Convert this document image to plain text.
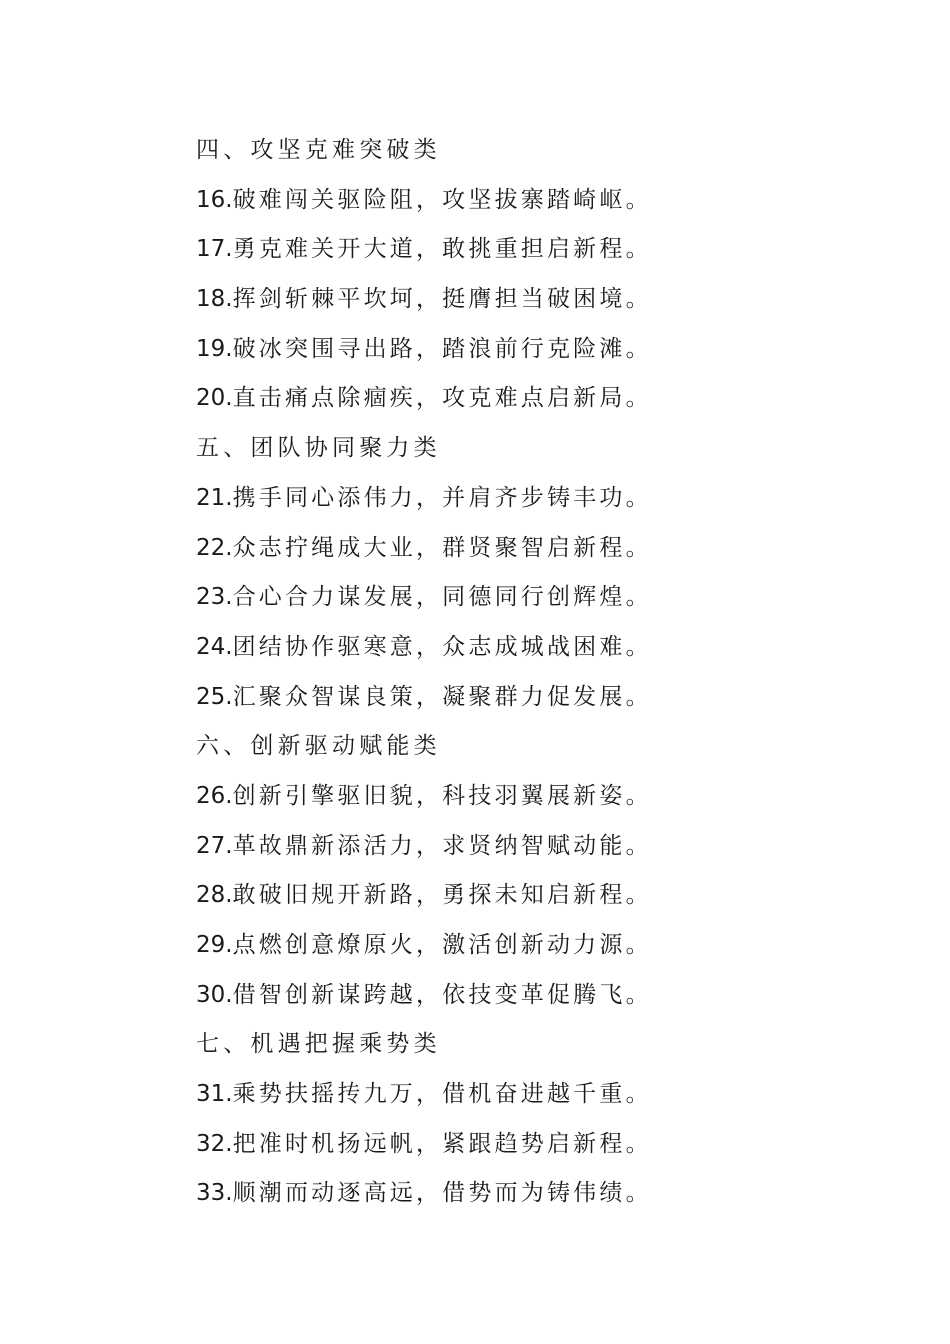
四、攻坚克难突破类
16.破难闯关驱险阻，攻坚拔寨踏崎岖。
17.勇克难关开大道，敢挑重担启新程。
18.挥剑斩棘平坎坷，挺膺担当破困境。
19.破冰突围寻出路，踏浪前行克险滩。
20.直击痛点除痼疾，攻克难点启新局。
五、团队协同聚力类
21.携手同心添伟力，并肩齐步铸丰功。
22.众志拧绳成大业，群贤聚智启新程。
23.合心合力谋发展，同德同行创辉煌。
24.团结协作驱寒意，众志成城战困难。
25.汇聚众智谋良策，凝聚群力促发展。
六、创新驱动赋能类
26.创新引擎驱旧貌，科技羽翼展新姿。
27.革故鼎新添活力，求贤纳智赋动能。
28.敢破旧规开新路，勇探未知启新程。
29.点燃创意燎原火，激活创新动力源。
30.借智创新谋跨越，依技变革促腾飞。
七、机遇把握乘势类
31.乘势扶摇抟九万，借机奋进越千重。
32.把准时机扬远帆，紧跟趋势启新程。
33.顺潮而动逐高远，借势而为铸伟绩。
